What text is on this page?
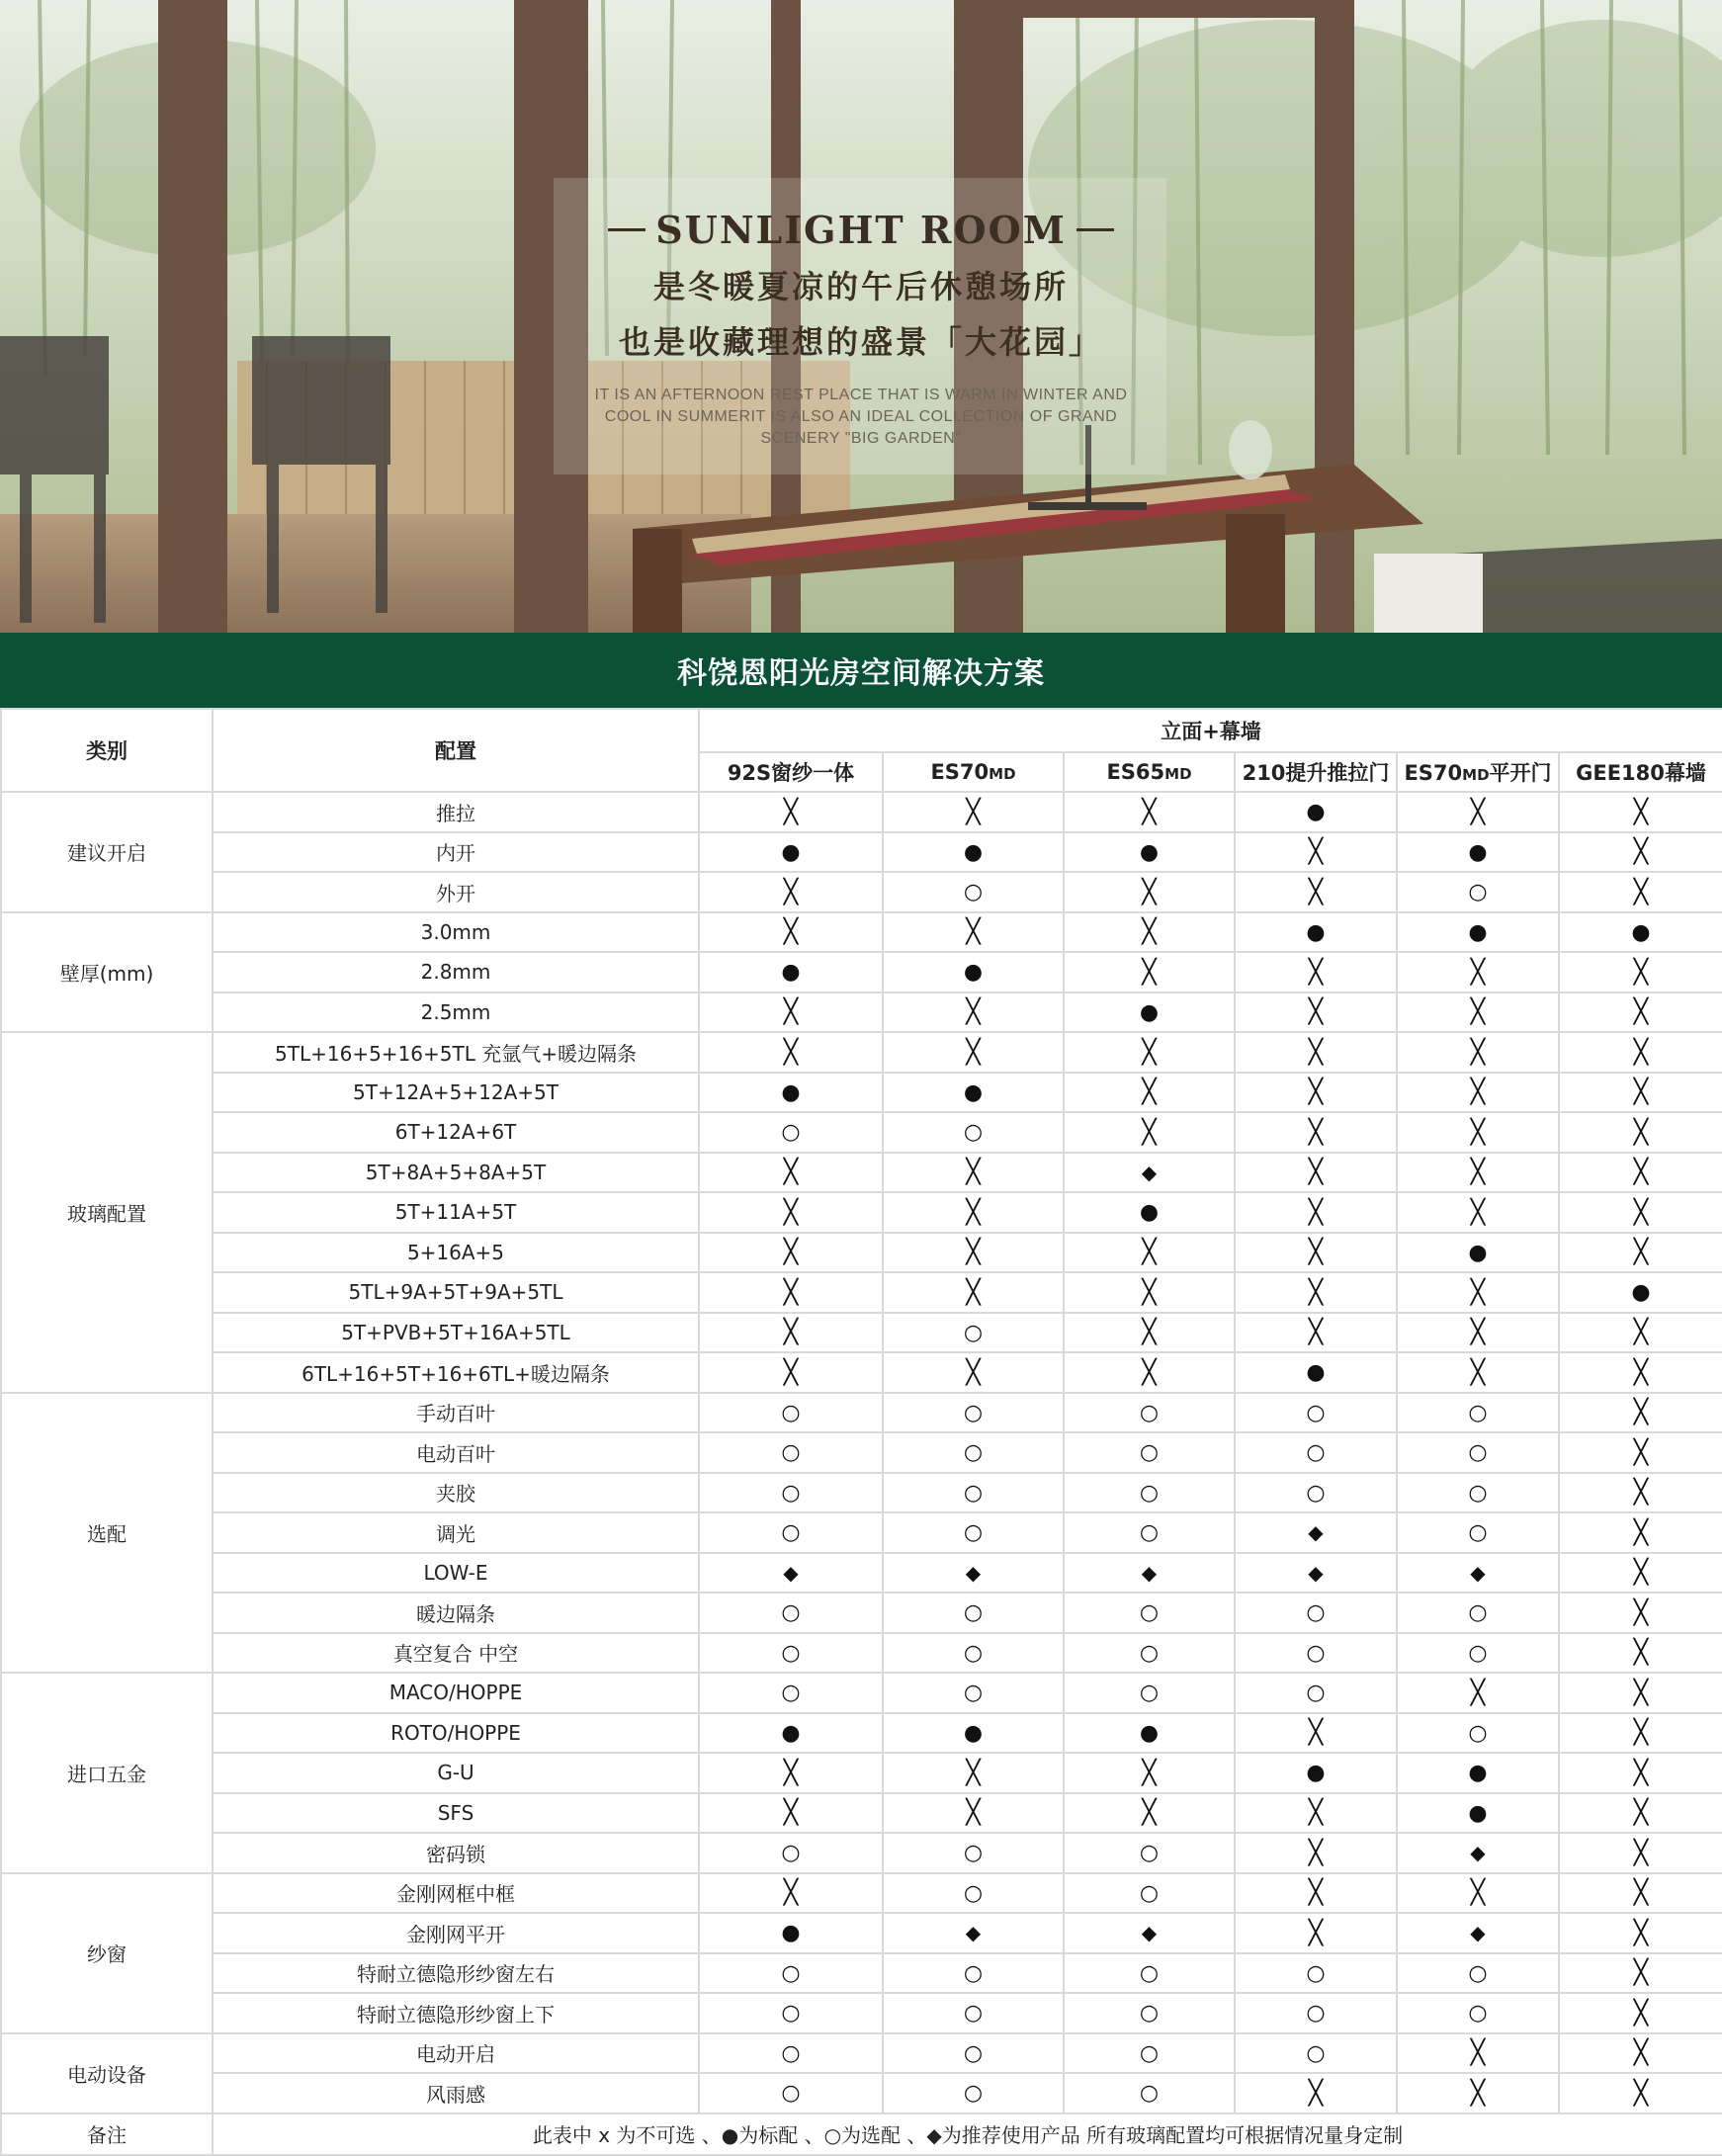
SUNLIGHT ROOM
是冬暖夏凉的午后休憩场所
也是收藏理想的盛景「大花园」
IT IS AN AFTERNOON REST PLACE THAT IS WARM IN WINTER AND COOL IN SUMMERIT IS ALSO AN IDEAL COLLECTION OF GRAND SCENERY "BIG GARDEN"
科饶恩阳光房空间解决方案
类别	配置	立面+幕墙					
		92S窗纱一体	ES70MD	ES65MD	210提升推拉门	ES70MD平开门	GEE180幕墙
建议开启	推拉	╳	╳	╳	●	╳	╳
	内开	●	●	●	╳	●	╳
	外开	╳	○	╳	╳	○	╳
壁厚(mm)	3.0mm	╳	╳	╳	●	●	●
	2.8mm	●	●	╳	╳	╳	╳
	2.5mm	╳	╳	●	╳	╳	╳
玻璃配置	5TL+16+5+16+5TL 充氩气+暖边隔条	╳	╳	╳	╳	╳	╳
	5T+12A+5+12A+5T	●	●	╳	╳	╳	╳
	6T+12A+6T	○	○	╳	╳	╳	╳
	5T+8A+5+8A+5T	╳	╳	◆	╳	╳	╳
	5T+11A+5T	╳	╳	●	╳	╳	╳
	5+16A+5	╳	╳	╳	╳	●	╳
	5TL+9A+5T+9A+5TL	╳	╳	╳	╳	╳	●
	5T+PVB+5T+16A+5TL	╳	○	╳	╳	╳	╳
	6TL+16+5T+16+6TL+暖边隔条	╳	╳	╳	●	╳	╳
选配	手动百叶	○	○	○	○	○	╳
	电动百叶	○	○	○	○	○	╳
	夹胶	○	○	○	○	○	╳
	调光	○	○	○	◆	○	╳
	LOW-E	◆	◆	◆	◆	◆	╳
	暖边隔条	○	○	○	○	○	╳
	真空复合 中空	○	○	○	○	○	╳
进口五金	MACO/HOPPE	○	○	○	○	╳	╳
	ROTO/HOPPE	●	●	●	╳	○	╳
	G-U	╳	╳	╳	●	●	╳
	SFS	╳	╳	╳	╳	●	╳
	密码锁	○	○	○	╳	◆	╳
纱窗	金刚网框中框	╳	○	○	╳	╳	╳
	金刚网平开	●	◆	◆	╳	◆	╳
	特耐立德隐形纱窗左右	○	○	○	○	○	╳
	特耐立德隐形纱窗上下	○	○	○	○	○	╳
电动设备	电动开启	○	○	○	○	╳	╳
	风雨感	○	○	○	╳	╳	╳
备注	此表中 x 为不可选 、●为标配 、○为选配 、◆为推荐使用产品 所有玻璃配置均可根据情况量身定制						
